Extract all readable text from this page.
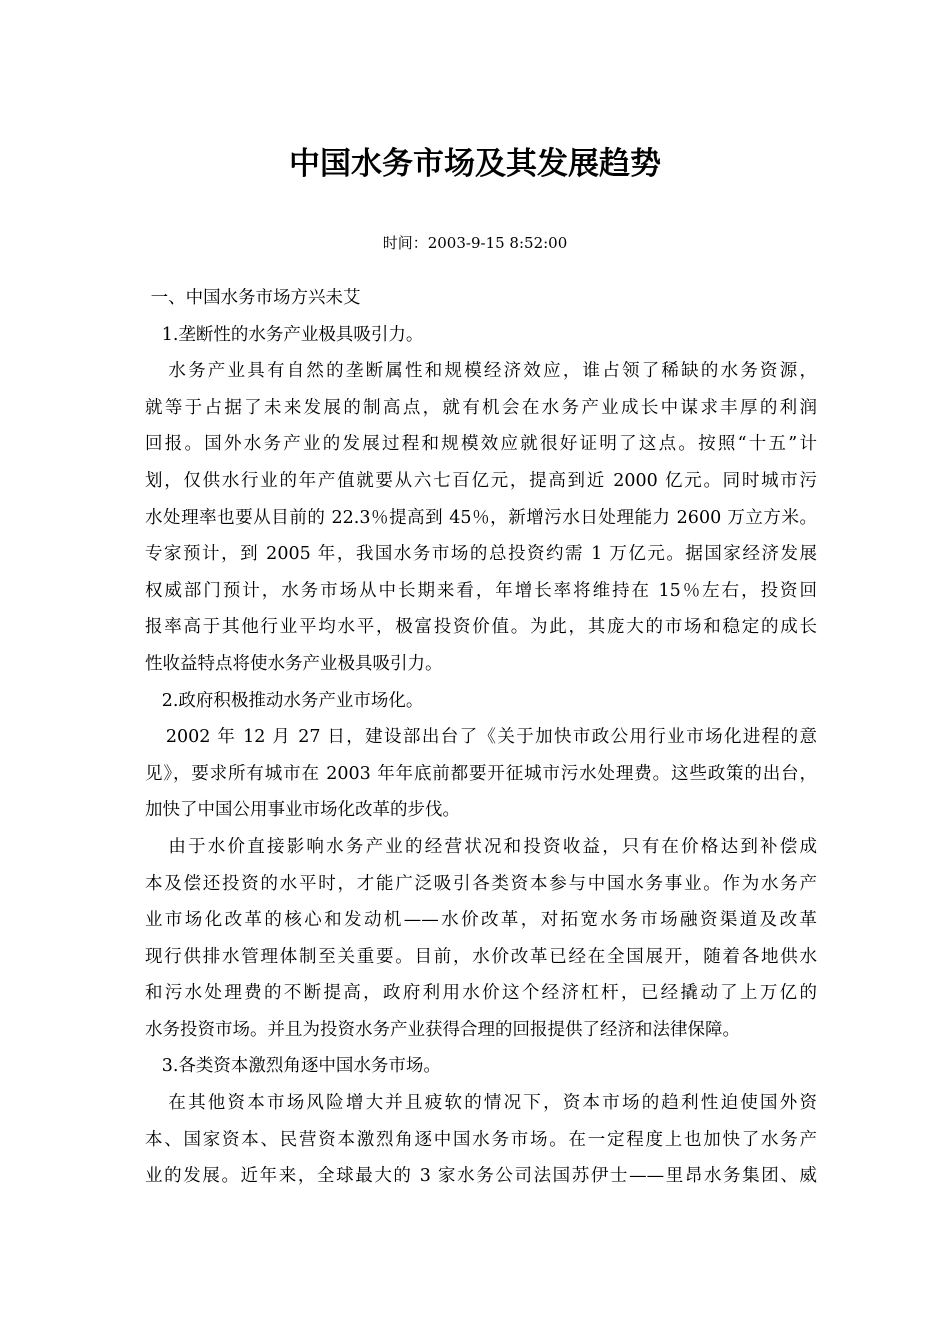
中国水务市场及其发展趋势
时间：2003-9-15 8:52:00
一、中国水务市场方兴未艾
1.垄断性的水务产业极具吸引力。
水务产业具有自然的垄断属性和规模经济效应，谁占领了稀缺的水务资源，
就等于占据了未来发展的制高点，就有机会在水务产业成长中谋求丰厚的利润
回报。国外水务产业的发展过程和规模效应就很好证明了这点。按照“十五”计
划，仅供水行业的年产值就要从六七百亿元，提高到近 2000 亿元。同时城市污
水处理率也要从目前的 22.3％提高到 45％，新增污水日处理能力 2600 万立方米。
专家预计，到 2005 年，我国水务市场的总投资约需 1 万亿元。据国家经济发展
权威部门预计，水务市场从中长期来看，年增长率将维持在 15％左右，投资回
报率高于其他行业平均水平，极富投资价值。为此，其庞大的市场和稳定的成长
性收益特点将使水务产业极具吸引力。
2.政府积极推动水务产业市场化。
2002 年 12 月 27 日，建设部出台了《关于加快市政公用行业市场化进程的意
见》，要求所有城市在 2003 年年底前都要开征城市污水处理费。这些政策的出台，
加快了中国公用事业市场化改革的步伐。
由于水价直接影响水务产业的经营状况和投资收益，只有在价格达到补偿成
本及偿还投资的水平时，才能广泛吸引各类资本参与中国水务事业。作为水务产
业市场化改革的核心和发动机——水价改革，对拓宽水务市场融资渠道及改革
现行供排水管理体制至关重要。目前，水价改革已经在全国展开，随着各地供水
和污水处理费的不断提高，政府利用水价这个经济杠杆，已经撬动了上万亿的
水务投资市场。并且为投资水务产业获得合理的回报提供了经济和法律保障。
3.各类资本激烈角逐中国水务市场。
在其他资本市场风险增大并且疲软的情况下，资本市场的趋利性迫使国外资
本、国家资本、民营资本激烈角逐中国水务市场。在一定程度上也加快了水务产
业的发展。近年来，全球最大的 3 家水务公司法国苏伊士——里昂水务集团、威
